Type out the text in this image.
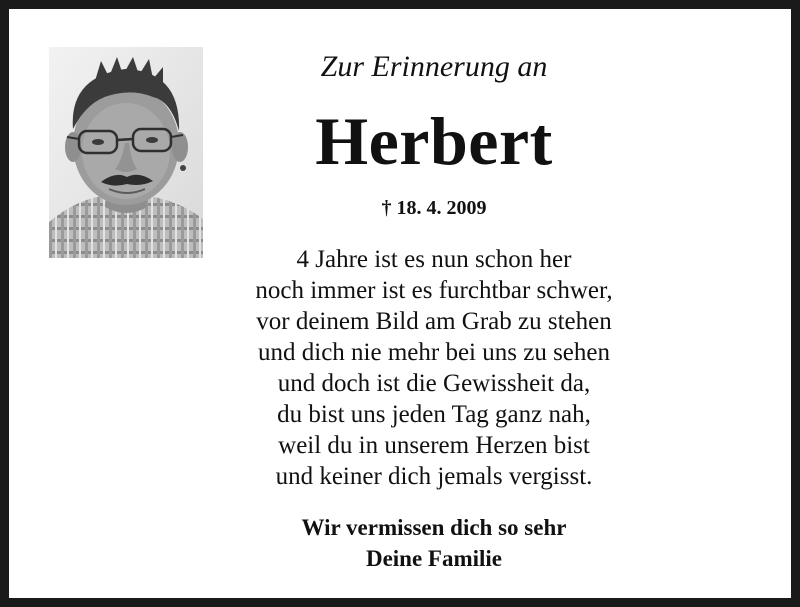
Zur Erinnerung an
Herbert
† 18. 4. 2009
4 Jahre ist es nun schon her
noch immer ist es furchtbar schwer,
vor deinem Bild am Grab zu stehen
und dich nie mehr bei uns zu sehen
und doch ist die Gewissheit da,
du bist uns jeden Tag ganz nah,
weil du in unserem Herzen bist
und keiner dich jemals vergisst.
Wir vermissen dich so sehr
Deine Familie
